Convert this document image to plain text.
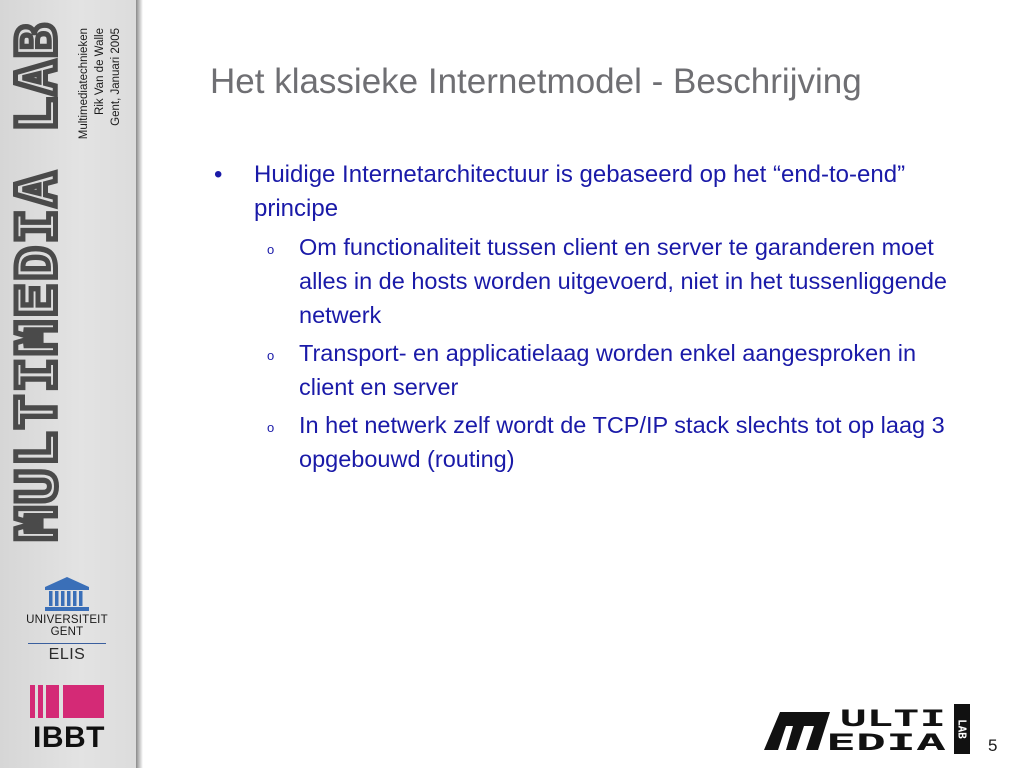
MULTIMEDIA LAB Multimediatechnieken Rik Van de Walle Gent, Januari 2005
UNIVERSITEIT
GENT
ELIS
IBBT
Het klassieke Internetmodel - Beschrijving
• Huidige Internetarchitectuur is gebaseerd op het “end-to-end” principe
o Om functionaliteit tussen client en server te garanderen moet alles in de hosts worden uitgevoerd, niet in het tussenliggende netwerk
o Transport- en applicatielaag worden enkel aangesproken in client en server
o In het netwerk zelf wordt de TCP/IP stack slechts tot op laag 3 opgebouwd (routing)
ULTI
EDIA
LAB
5
